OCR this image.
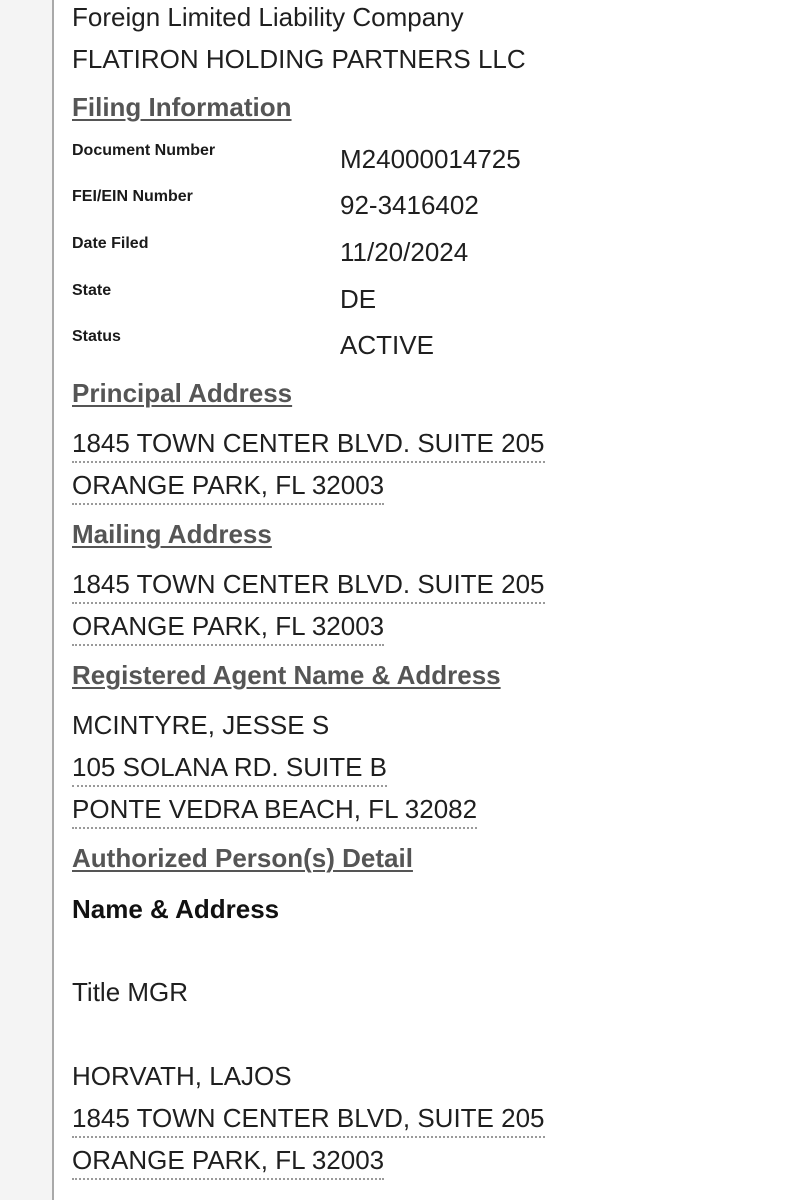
Foreign Limited Liability Company
FLATIRON HOLDING PARTNERS LLC
Filing Information
Document Number	M24000014725
FEI/EIN Number	92-3416402
Date Filed	11/20/2024
State	DE
Status	ACTIVE
Principal Address
1845 TOWN CENTER BLVD. SUITE 205
ORANGE PARK, FL 32003
Mailing Address
1845 TOWN CENTER BLVD. SUITE 205
ORANGE PARK, FL 32003
Registered Agent Name & Address
MCINTYRE, JESSE S
105 SOLANA RD. SUITE B
PONTE VEDRA BEACH, FL 32082
Authorized Person(s) Detail
Name & Address
Title MGR
HORVATH, LAJOS
1845 TOWN CENTER BLVD, SUITE 205
ORANGE PARK, FL 32003
